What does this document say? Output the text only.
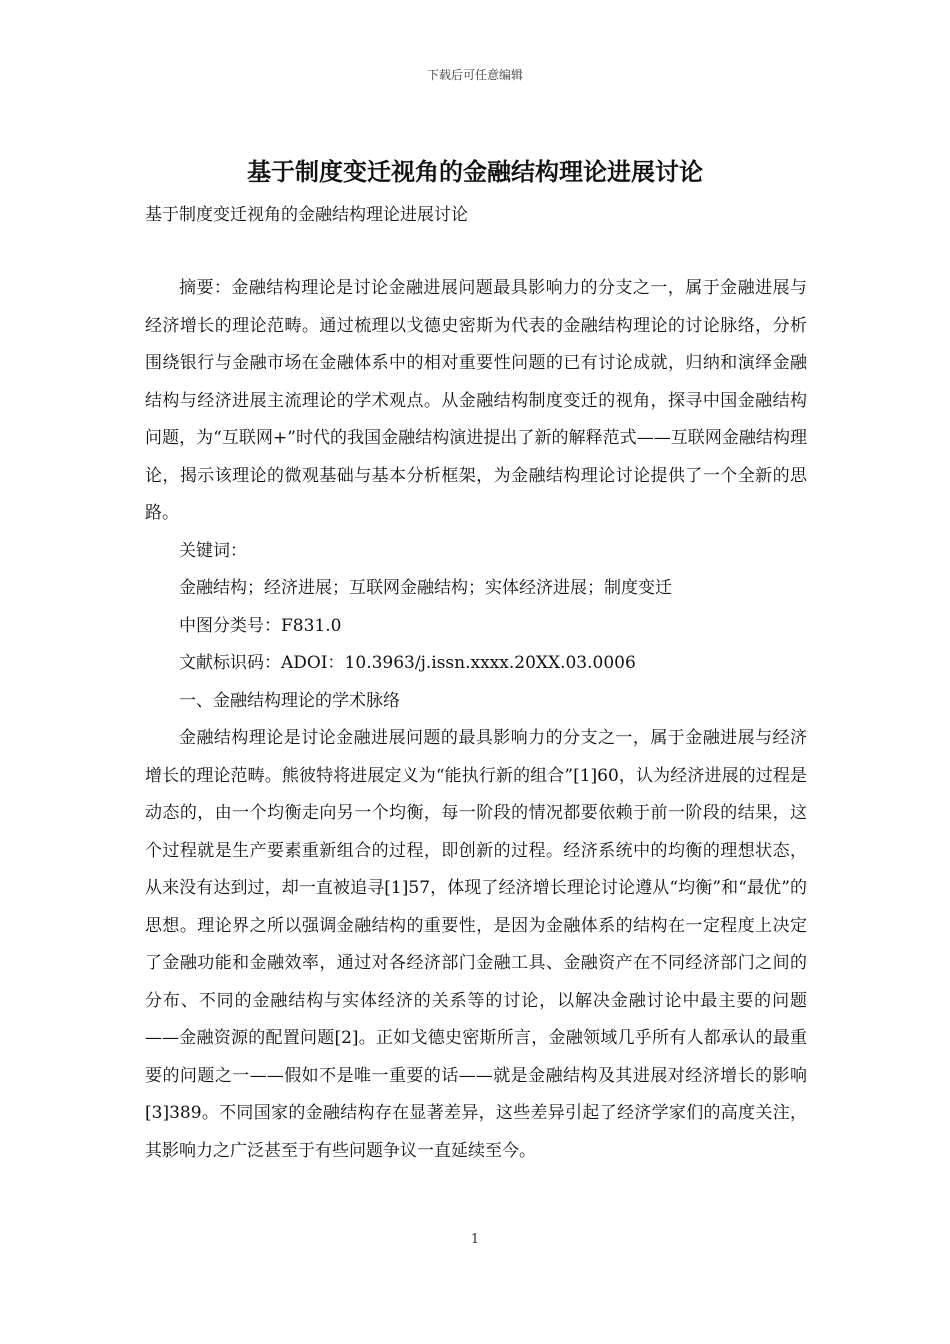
下载后可任意编辑
基于制度变迁视角的金融结构理论进展讨论
基于制度变迁视角的金融结构理论进展讨论

摘要：金融结构理论是讨论金融进展问题最具影响力的分支之一，属于金融进展与经济增长的理论范畴。通过梳理以戈德史密斯为代表的金融结构理论的讨论脉络，分析围绕银行与金融市场在金融体系中的相对重要性问题的已有讨论成就，归纳和演绎金融结构与经济进展主流理论的学术观点。从金融结构制度变迁的视角，探寻中国金融结构问题，为“互联网+”时代的我国金融结构演进提出了新的解释范式——互联网金融结构理论，揭示该理论的微观基础与基本分析框架，为金融结构理论讨论提供了一个全新的思路。

关键词：

金融结构；经济进展；互联网金融结构；实体经济进展；制度变迁

中图分类号：F831.0

文献标识码：ADOI：10.3963/j.issn.xxxx.20XX.03.0006

一、金融结构理论的学术脉络

金融结构理论是讨论金融进展问题的最具影响力的分支之一，属于金融进展与经济增长的理论范畴。熊彼特将进展定义为“能执行新的组合”[1]60，认为经济进展的过程是动态的，由一个均衡走向另一个均衡，每一阶段的情况都要依赖于前一阶段的结果，这个过程就是生产要素重新组合的过程，即创新的过程。经济系统中的均衡的理想状态，从来没有达到过，却一直被追寻[1]57，体现了经济增长理论讨论遵从“均衡”和“最优”的思想。理论界之所以强调金融结构的重要性，是因为金融体系的结构在一定程度上决定了金融功能和金融效率，通过对各经济部门金融工具、金融资产在不同经济部门之间的分布、不同的金融结构与实体经济的关系等的讨论，以解决金融讨论中最主要的问题——金融资源的配置问题[2]。正如戈德史密斯所言，金融领域几乎所有人都承认的最重要的问题之一——假如不是唯一重要的话——就是金融结构及其进展对经济增长的影响[3]389。不同国家的金融结构存在显著差异，这些差异引起了经济学家们的高度关注，其影响力之广泛甚至于有些问题争议一直延续至今。

1
